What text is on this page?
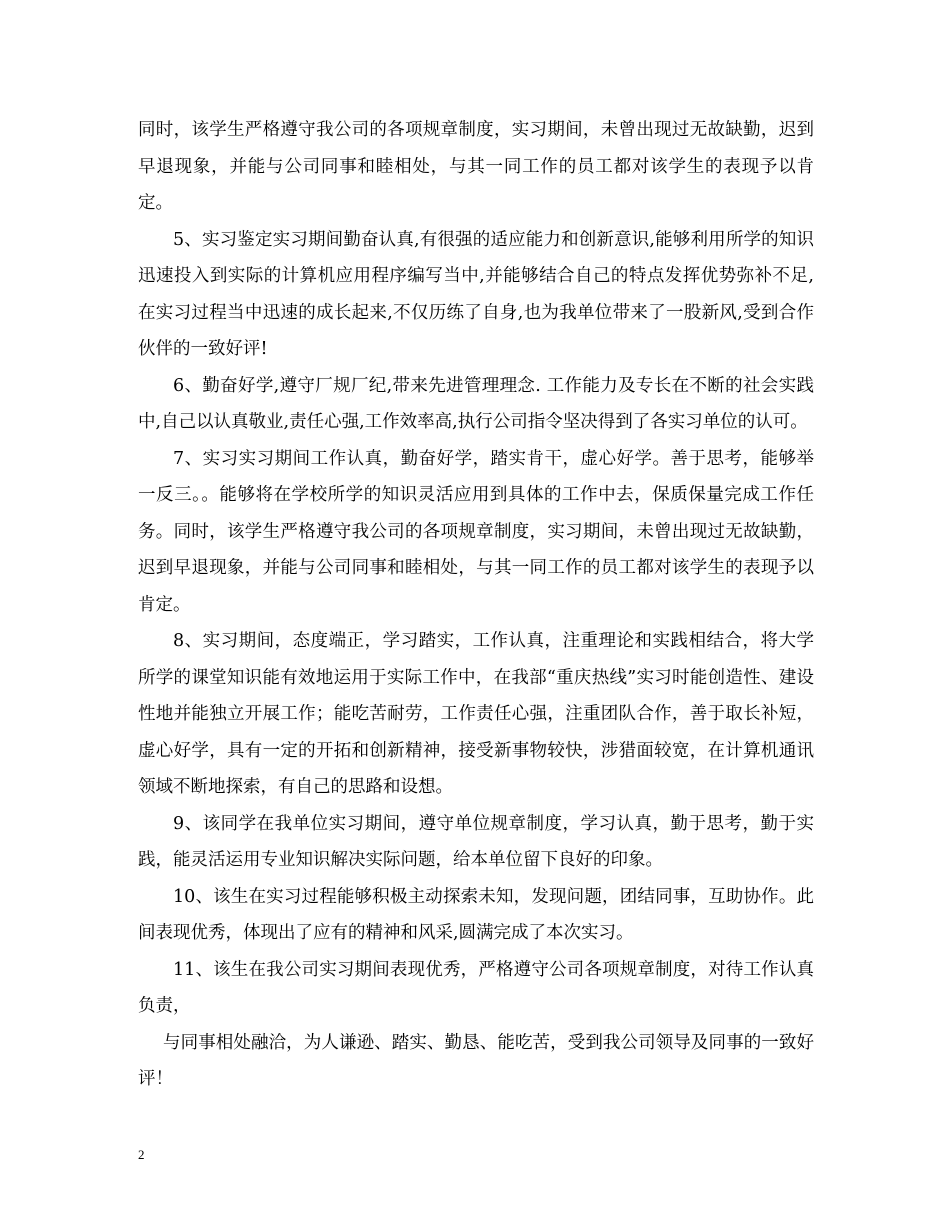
同时，该学生严格遵守我公司的各项规章制度，实习期间，未曾出现过无故缺勤，迟到早退现象，并能与公司同事和睦相处，与其一同工作的员工都对该学生的表现予以肯定。

5、实习鉴定实习期间勤奋认真,有很强的适应能力和创新意识,能够利用所学的知识迅速投入到实际的计算机应用程序编写当中,并能够结合自己的特点发挥优势弥补不足,在实习过程当中迅速的成长起来,不仅历练了自身,也为我单位带来了一股新风,受到合作伙伴的一致好评!

6、勤奋好学,遵守厂规厂纪,带来先进管理理念. 工作能力及专长在不断的社会实践中,自己以认真敬业,责任心强,工作效率高,执行公司指令坚决得到了各实习单位的认可。

7、实习实习期间工作认真，勤奋好学，踏实肯干，虚心好学。善于思考，能够举一反三。。能够将在学校所学的知识灵活应用到具体的工作中去，保质保量完成工作任务。同时，该学生严格遵守我公司的各项规章制度，实习期间，未曾出现过无故缺勤，迟到早退现象，并能与公司同事和睦相处，与其一同工作的员工都对该学生的表现予以肯定。

8、实习期间，态度端正，学习踏实，工作认真，注重理论和实践相结合，将大学所学的课堂知识能有效地运用于实际工作中，在我部“重庆热线”实习时能创造性、建设性地并能独立开展工作；能吃苦耐劳，工作责任心强，注重团队合作，善于取长补短，虚心好学，具有一定的开拓和创新精神，接受新事物较快，涉猎面较宽，在计算机通讯领域不断地探索，有自己的思路和设想。

9、该同学在我单位实习期间，遵守单位规章制度，学习认真，勤于思考，勤于实践，能灵活运用专业知识解决实际问题，给本单位留下良好的印象。

10、该生在实习过程能够积极主动探索未知，发现问题，团结同事，互助协作。此间表现优秀，体现出了应有的精神和风采,圆满完成了本次实习。

11、该生在我公司实习期间表现优秀，严格遵守公司各项规章制度，对待工作认真负责，

与同事相处融洽，为人谦逊、踏实、勤恳、能吃苦，受到我公司领导及同事的一致好评！

2
